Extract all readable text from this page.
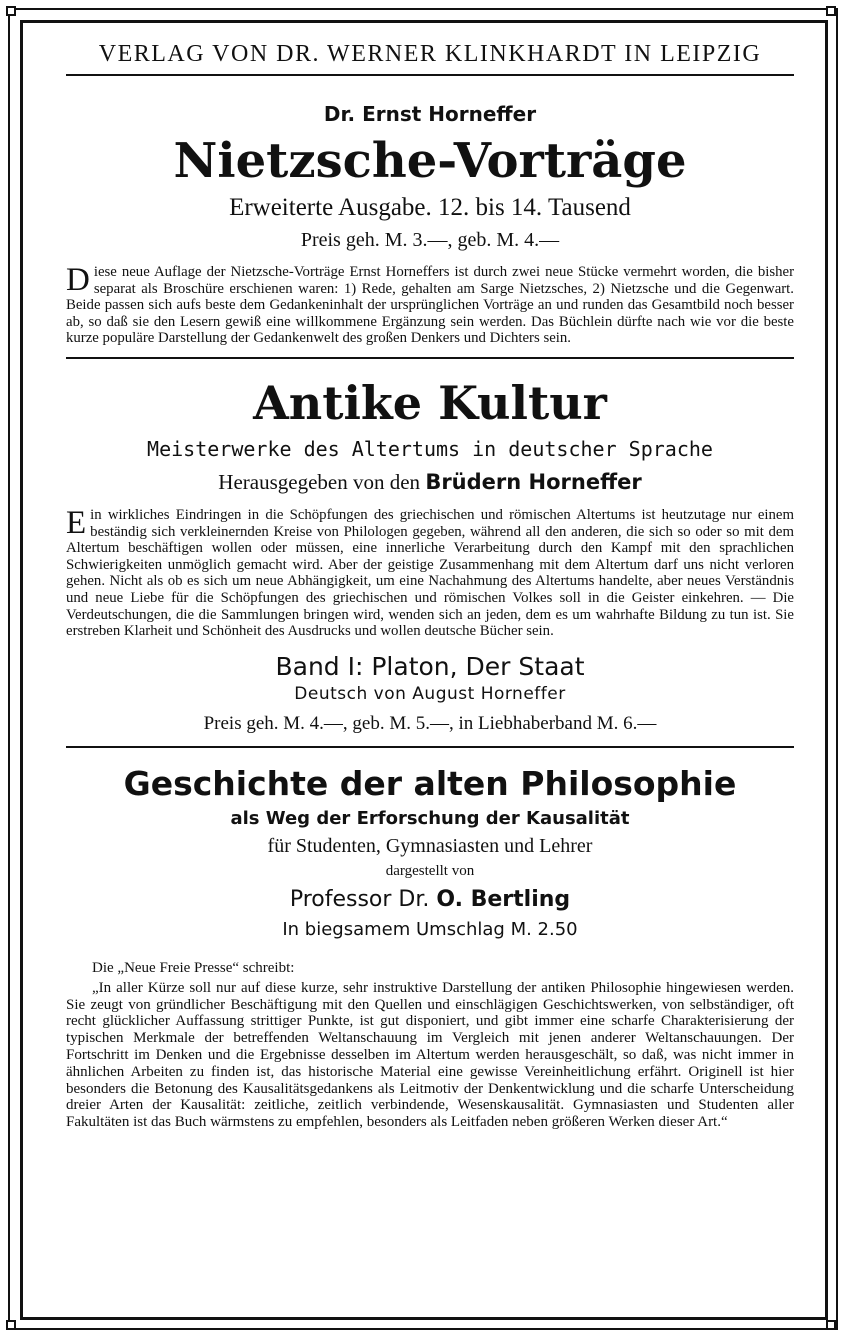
VERLAG VON DR. WERNER KLINKHARDT IN LEIPZIG
Dr. Ernst Horneffer
Nietzsche-Vorträge
Erweiterte Ausgabe. 12. bis 14. Tausend
Preis geh. M. 3.—, geb. M. 4.—

Diese neue Auflage der Nietzsche-Vorträge Ernst Horneffers ist durch zwei neue Stücke vermehrt worden, die bisher separat als Broschüre erschienen waren: 1) Rede, gehalten am Sarge Nietzsches, 2) Nietzsche und die Gegenwart. Beide passen sich aufs beste dem Gedankeninhalt der ursprünglichen Vorträge an und runden das Gesamtbild noch besser ab, so daß sie den Lesern gewiß eine willkommene Ergänzung sein werden. Das Büchlein dürfte nach wie vor die beste kurze populäre Darstellung der Gedankenwelt des großen Denkers und Dichters sein.

Antike Kultur
Meisterwerke des Altertums in deutscher Sprache
Herausgegeben von den Brüdern Horneffer

Ein wirkliches Eindringen in die Schöpfungen des griechischen und römischen Altertums ist heutzutage nur einem beständig sich verkleinernden Kreise von Philologen gegeben, während all den anderen, die sich so oder so mit dem Altertum beschäftigen wollen oder müssen, eine innerliche Verarbeitung durch den Kampf mit den sprachlichen Schwierigkeiten unmöglich gemacht wird. Aber der geistige Zusammenhang mit dem Altertum darf uns nicht verloren gehen. Nicht als ob es sich um neue Abhängigkeit, um eine Nachahmung des Altertums handelte, aber neues Verständnis und neue Liebe für die Schöpfungen des griechischen und römischen Volkes soll in die Geister einkehren. — Die Verdeutschungen, die die Sammlungen bringen wird, wenden sich an jeden, dem es um wahrhafte Bildung zu tun ist. Sie erstreben Klarheit und Schönheit des Ausdrucks und wollen deutsche Bücher sein.

Band I: Platon, Der Staat
Deutsch von August Horneffer
Preis geh. M. 4.—, geb. M. 5.—, in Liebhaberband M. 6.—
Geschichte der alten Philosophie
als Weg der Erforschung der Kausalität
für Studenten, Gymnasiasten und Lehrer
dargestellt von
Professor Dr. O. Bertling
In biegsamem Umschlag M. 2.50
Die „Neue Freie Presse“ schreibt:

„In aller Kürze soll nur auf diese kurze, sehr instruktive Darstellung der antiken Philosophie hingewiesen werden. Sie zeugt von gründlicher Beschäftigung mit den Quellen und einschlägigen Geschichtswerken, von selbständiger, oft recht glücklicher Auffassung strittiger Punkte, ist gut disponiert, und gibt immer eine scharfe Charakterisierung der typischen Merkmale der betreffenden Weltanschauung im Vergleich mit jenen anderer Weltanschauungen. Der Fortschritt im Denken und die Ergebnisse desselben im Altertum werden herausgeschält, so daß, was nicht immer in ähnlichen Arbeiten zu finden ist, das historische Material eine gewisse Vereinheitlichung erfährt. Originell ist hier besonders die Betonung des Kausalitätsgedankens als Leitmotiv der Denkentwicklung und die scharfe Unterscheidung dreier Arten der Kausalität: zeitliche, zeitlich verbindende, Wesenskausalität. Gymnasiasten und Studenten aller Fakultäten ist das Buch wärmstens zu empfehlen, besonders als Leitfaden neben größeren Werken dieser Art.“
